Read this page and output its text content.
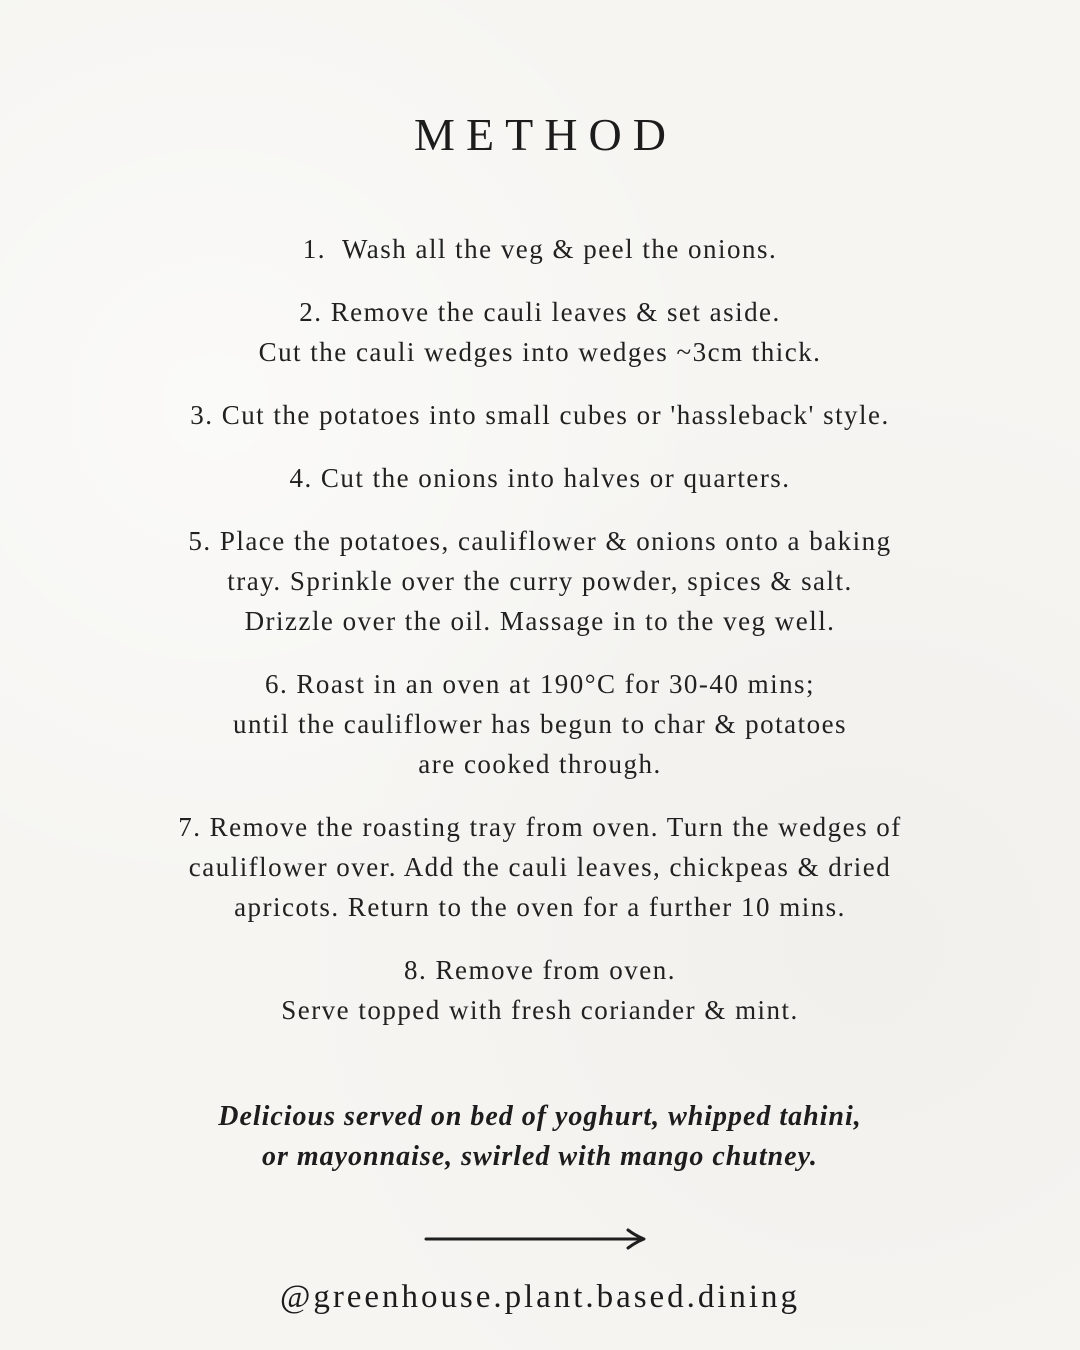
METHOD

1.  Wash all the veg & peel the onions.

2. Remove the cauli leaves & set aside.
Cut the cauli wedges into wedges ~3cm thick.

3. Cut the potatoes into small cubes or 'hassleback' style.

4. Cut the onions into halves or quarters.

5. Place the potatoes, cauliflower & onions onto a baking
tray. Sprinkle over the curry powder, spices & salt.
Drizzle over the oil. Massage in to the veg well.

6. Roast in an oven at 190°C for 30-40 mins;
until the cauliflower has begun to char & potatoes
are cooked through.

7. Remove the roasting tray from oven. Turn the wedges of
cauliflower over. Add the cauli leaves, chickpeas & dried
apricots. Return to the oven for a further 10 mins.

8. Remove from oven.
Serve topped with fresh coriander & mint.

Delicious served on bed of yoghurt, whipped tahini,
or mayonnaise, swirled with mango chutney.

@greenhouse.plant.based.dining
